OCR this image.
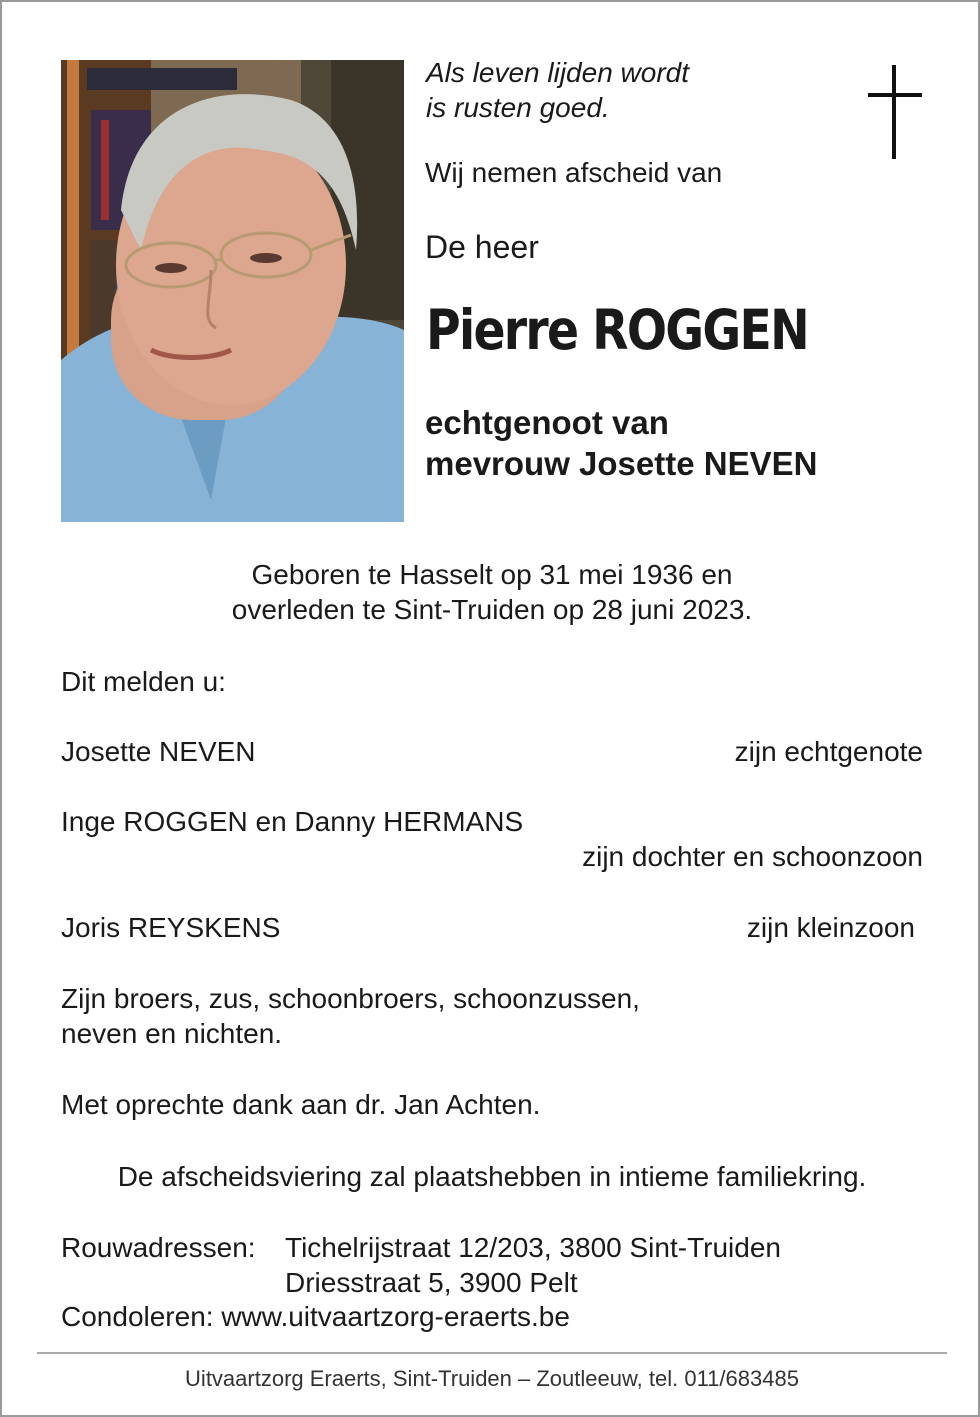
Als leven lijden wordt
is rusten goed.
Wij nemen afscheid van
De heer
Pierre ROGGEN
echtgenoot van
mevrouw Josette NEVEN
Geboren te Hasselt op 31 mei 1936 en
overleden te Sint-Truiden op 28 juni 2023.
Dit melden u:
Josette NEVEN	zijn echtgenote
Inge ROGGEN en Danny HERMANS
zijn dochter en schoonzoon
Joris REYSKENS	zijn kleinzoon
Zijn broers, zus, schoonbroers, schoonzussen,
neven en nichten.
Met oprechte dank aan dr. Jan Achten.
De afscheidsviering zal plaatshebben in intieme familiekring.
Rouwadressen: Tichelrijstraat 12/203, 3800 Sint-Truiden
Driesstraat 5, 3900 Pelt
Condoleren: www.uitvaartzorg-eraerts.be
Uitvaartzorg Eraerts, Sint-Truiden – Zoutleeuw, tel. 011/683485
